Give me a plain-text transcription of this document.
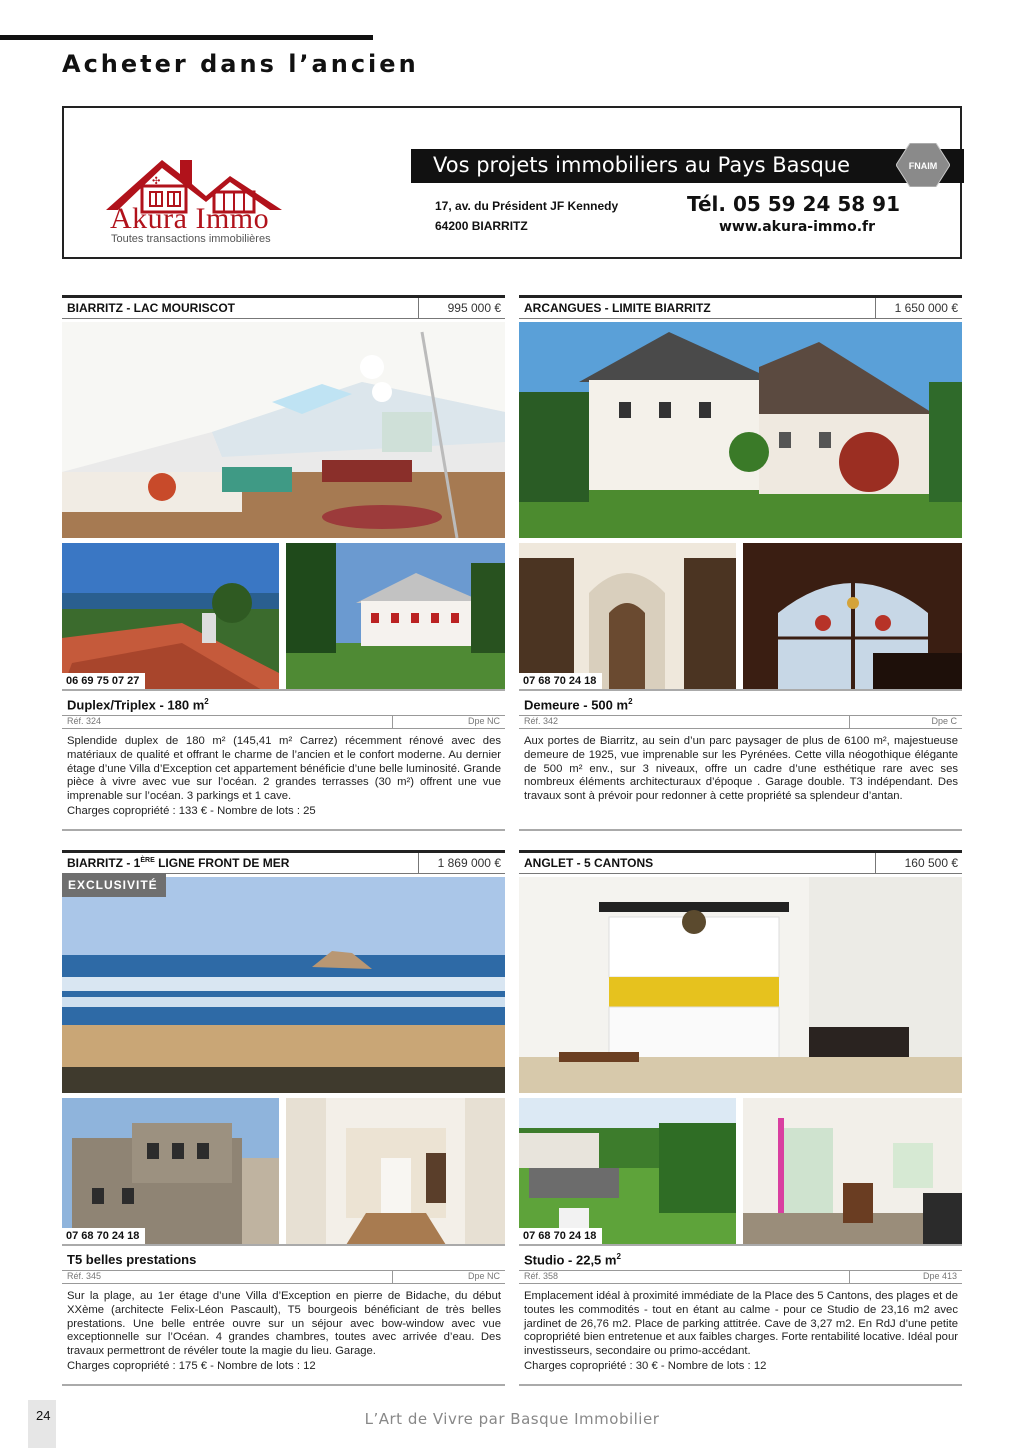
Acheter dans l’ancien
✣
Akura Immo
Toutes transactions immobilières
Vos projets immobiliers au Pays Basque	FNAIM
17, av. du Président JF Kennedy
64200 BIARRITZ
Tél. 05 59 24 58 91
www.akura-immo.fr
BIARRITZ - LAC MOURISCOT	995 000 €
06 69 75 07 27
Duplex/Triplex - 180 $m^2$
Réf. 324	Dpe NC
Splendide duplex de 180 m² (145,41 m² Carrez) récemment rénové avec des matériaux de qualité et offrant le charme de l’ancien et le confort moderne. Au dernier étage d’une Villa d’Exception cet appartement bénéficie d’une belle luminosité. Grande pièce à vivre avec vue sur l’océan. 2 grandes terrasses (30 m²) offrent une vue imprenable sur l’océan. 3 parkings et 1 cave.
Charges copropriété : 133 € - Nombre de lots : 25
ARCANGUES - LIMITE BIARRITZ	1 650 000 €
07 68 70 24 18
Demeure - 500 $m^2$
Réf. 342	Dpe C
Aux portes de Biarritz, au sein d’un parc paysager de plus de 6100 m², majestueuse demeure de 1925, vue imprenable sur les Pyrénées. Cette villa néogothique élégante de 500 m² env., sur 3 niveaux, offre un cadre d’une esthétique rare avec ses nombreux éléments architecturaux d’époque . Garage double. T3 indépendant. Des travaux sont à prévoir pour redonner à cette propriété sa splendeur d’antan.
BIARRITZ - 1ÈRE LIGNE FRONT DE MER	1 869 000 €
EXCLUSIVITÉ
07 68 70 24 18
T5 belles prestations
Réf. 345	Dpe NC
Sur la plage, au 1er étage d’une Villa d’Exception en pierre de Bidache, du début XXème (architecte Felix-Léon Pascault), T5 bourgeois bénéficiant de très belles prestations. Une belle entrée ouvre sur un séjour avec bow-window avec vue exceptionnelle sur l’Océan. 4 grandes chambres, toutes avec arrivée d’eau. Des travaux permettront de révéler toute la magie du lieu. Garage.
Charges copropriété : 175 € - Nombre de lots : 12
ANGLET - 5 CANTONS	160 500 €
07 68 70 24 18
Studio - 22,5 $m^2$
Réf. 358	Dpe 413
Emplacement idéal à proximité immédiate de la Place des 5 Cantons, des plages et de toutes les commodités - tout en étant au calme - pour ce Studio de 23,16 m2 avec jardinet de 26,76 m2. Place de parking attitrée. Cave de 3,27 m2. En RdJ d’une petite copropriété bien entretenue et aux faibles charges. Forte rentabilité locative. Idéal pour investisseurs, secondaire ou primo-accédant.
Charges copropriété : 30 € - Nombre de lots : 12
24	L’Art de Vivre par Basque Immobilier
